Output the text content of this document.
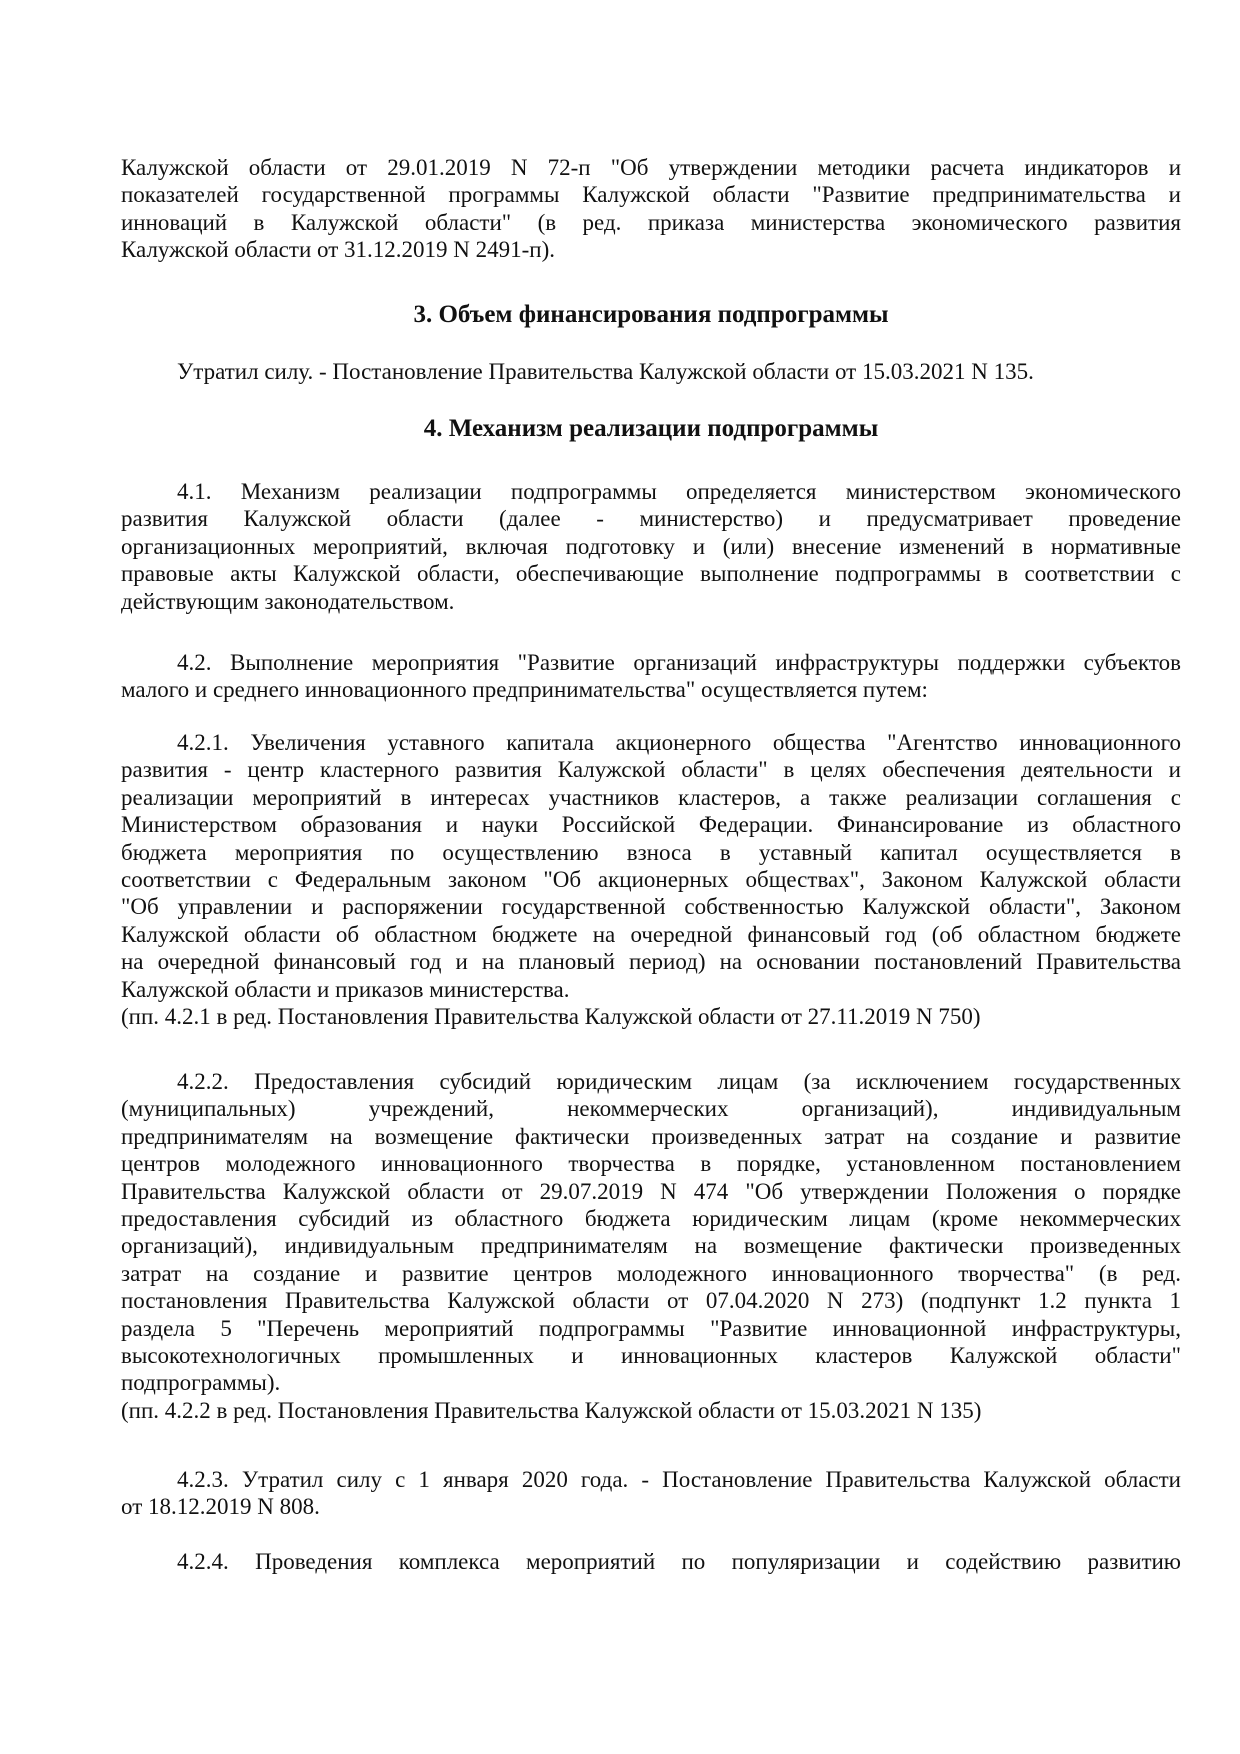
Калужской области от 29.01.2019 N 72-п "Об утверждении методики расчета индикаторов и
показателей государственной программы Калужской области "Развитие предпринимательства и
инноваций в Калужской области" (в ред. приказа министерства экономического развития
Калужской области от 31.12.2019 N 2491-п).
3. Объем финансирования подпрограммы
Утратил силу. - Постановление Правительства Калужской области от 15.03.2021 N 135.
4. Механизм реализации подпрограммы
4.1. Механизм реализации подпрограммы определяется министерством экономического
развития Калужской области (далее - министерство) и предусматривает проведение
организационных мероприятий, включая подготовку и (или) внесение изменений в нормативные
правовые акты Калужской области, обеспечивающие выполнение подпрограммы в соответствии с
действующим законодательством.
4.2. Выполнение мероприятия "Развитие организаций инфраструктуры поддержки субъектов
малого и среднего инновационного предпринимательства" осуществляется путем:
4.2.1. Увеличения уставного капитала акционерного общества "Агентство инновационного
развития - центр кластерного развития Калужской области" в целях обеспечения деятельности и
реализации мероприятий в интересах участников кластеров, а также реализации соглашения с
Министерством образования и науки Российской Федерации. Финансирование из областного
бюджета мероприятия по осуществлению взноса в уставный капитал осуществляется в
соответствии с Федеральным законом "Об акционерных обществах", Законом Калужской области
"Об управлении и распоряжении государственной собственностью Калужской области", Законом
Калужской области об областном бюджете на очередной финансовый год (об областном бюджете
на очередной финансовый год и на плановый период) на основании постановлений Правительства
Калужской области и приказов министерства.
(пп. 4.2.1 в ред. Постановления Правительства Калужской области от 27.11.2019 N 750)
4.2.2. Предоставления субсидий юридическим лицам (за исключением государственных
(муниципальных) учреждений, некоммерческих организаций), индивидуальным
предпринимателям на возмещение фактически произведенных затрат на создание и развитие
центров молодежного инновационного творчества в порядке, установленном постановлением
Правительства Калужской области от 29.07.2019 N 474 "Об утверждении Положения о порядке
предоставления субсидий из областного бюджета юридическим лицам (кроме некоммерческих
организаций), индивидуальным предпринимателям на возмещение фактически произведенных
затрат на создание и развитие центров молодежного инновационного творчества" (в ред.
постановления Правительства Калужской области от 07.04.2020 N 273) (подпункт 1.2 пункта 1
раздела 5 "Перечень мероприятий подпрограммы "Развитие инновационной инфраструктуры,
высокотехнологичных промышленных и инновационных кластеров Калужской области"
подпрограммы).
(пп. 4.2.2 в ред. Постановления Правительства Калужской области от 15.03.2021 N 135)
4.2.3. Утратил силу с 1 января 2020 года. - Постановление Правительства Калужской области
от 18.12.2019 N 808.
4.2.4. Проведения комплекса мероприятий по популяризации и содействию развитию
